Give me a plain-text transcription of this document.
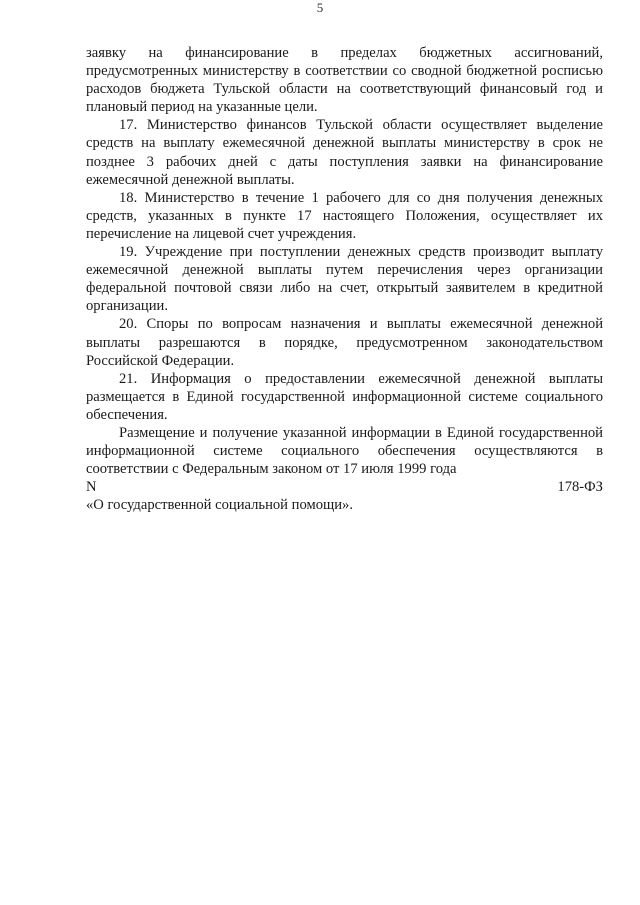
5

заявку на финансирование в пределах бюджетных ассигнований, предусмотренных министерству в соответствии со сводной бюджетной росписью расходов бюджета Тульской области на соответствующий финансовый год и плановый период на указанные цели.

17. Министерство финансов Тульской области осуществляет выделение средств на выплату ежемесячной денежной выплаты министерству в срок не позднее 3 рабочих дней с даты поступления заявки на финансирование ежемесячной денежной выплаты.

18. Министерство в течение 1 рабочего для со дня получения денежных средств, указанных в пункте 17 настоящего Положения, осуществляет их перечисление на лицевой счет учреждения.

19. Учреждение при поступлении денежных средств производит выплату ежемесячной денежной выплаты путем перечисления через организации федеральной почтовой связи либо на счет, открытый заявителем в кредитной организации.

20. Споры по вопросам назначения и выплаты ежемесячной денежной выплаты разрешаются в порядке, предусмотренном законодательством Российской Федерации.

21. Информация о предоставлении ежемесячной денежной выплаты размещается в Единой государственной информационной системе социального обеспечения.

Размещение и получение указанной информации в Единой государственной информационной системе социального обеспечения осуществляются в соответствии с Федеральным законом от 17 июля 1999 года

N	178-ФЗ

«О государственной социальной помощи».
